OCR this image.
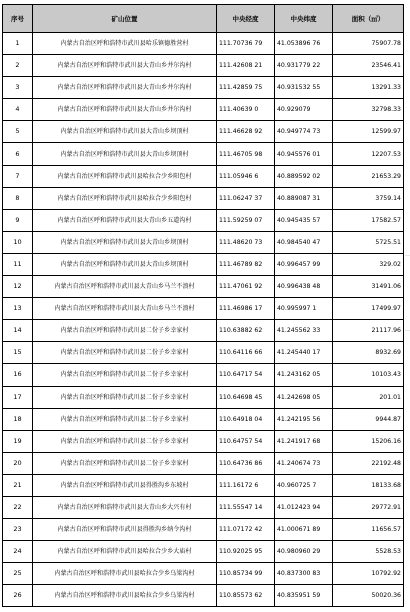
序号	矿山位置	中央经度	中央纬度	面积（㎡）
1	内蒙古自治区呼和浩特市武川县哈乐镇德胜营村	111.70736 79	41.053896 76	75907.78
2	内蒙古自治区呼和浩特市武川县大青山乡井尔沟村	111.42608 21	40.931779 22	23546.41
3	内蒙古自治区呼和浩特市武川县大青山乡井尔沟村	111.42859 75	40.931532 55	13291.33
4	内蒙古自治区呼和浩特市武川县大青山乡井尔沟村	111.40639 0	40.929079	32798.33
5	内蒙古自治区呼和浩特市武川县大青山乡坝顶村	111.46628 92	40.949774 73	12599.97
6	内蒙古自治区呼和浩特市武川县大青山乡坝顶村	111.46705 98	40.945576 01	12207.53
7	内蒙古自治区呼和浩特市武川县哈拉合少乡阳包村	111.05946 6	40.889592 02	21653.29
8	内蒙古自治区呼和浩特市武川县哈拉合少乡阳包村	111.06247 37	40.889087 31	3759.14
9	内蒙古自治区呼和浩特市武川县大青山乡五道沟村	111.59259 07	40.945435 57	17582.57
10	内蒙古自治区呼和浩特市武川县大青山乡坝顶村	111.48620 73	40.984540 47	5725.51
11	内蒙古自治区呼和浩特市武川县大青山乡坝顶村	111.46789 82	40.996457 99	329.02
12	内蒙古自治区呼和浩特市武川县大青山乡马兰不浪村	111.47061 92	40.996438 48	31491.06
13	内蒙古自治区呼和浩特市武川县大青山乡马兰不浪村	111.46986 17	40.995997 1	17499.97
14	内蒙古自治区呼和浩特市武川县二份子乡幸家村	110.63882 62	41.245562 33	21117.96
15	内蒙古自治区呼和浩特市武川县二份子乡幸家村	110.64116 66	41.245440 17	8932.69
16	内蒙古自治区呼和浩特市武川县二份子乡幸家村	110.64717 54	41.243162 05	10103.43
17	内蒙古自治区呼和浩特市武川县二份子乡幸家村	110.64698 45	41.242698 05	201.01
18	内蒙古自治区呼和浩特市武川县二份子乡幸家村	110.64918 04	41.242195 56	9944.87
19	内蒙古自治区呼和浩特市武川县二份子乡幸家村	110.64757 54	41.241917 68	15206.16
20	内蒙古自治区呼和浩特市武川县二份子乡幸家村	110.64736 86	41.240674 73	22192.48
21	内蒙古自治区呼和浩特市武川县得胜沟乡东坡村	111.16172 6	40.960725 7	18133.68
22	内蒙古自治区呼和浩特市武川县大青山乡大兴有村	111.55547 14	41.012423 94	29772.91
23	内蒙古自治区呼和浩特市武川县得胜沟乡纳令沟村	111.07172 42	41.000671 89	11656.57
24	内蒙古自治区呼和浩特市武川县哈拉合少乡大庙村	110.92025 95	40.980960 29	5528.53
25	内蒙古自治区呼和浩特市武川县哈拉合少乡乌梁沟村	110.85734 99	40.837300 83	10792.92
26	内蒙古自治区呼和浩特市武川县哈拉合少乡乌梁沟村	110.85573 62	40.835951 59	50020.36
